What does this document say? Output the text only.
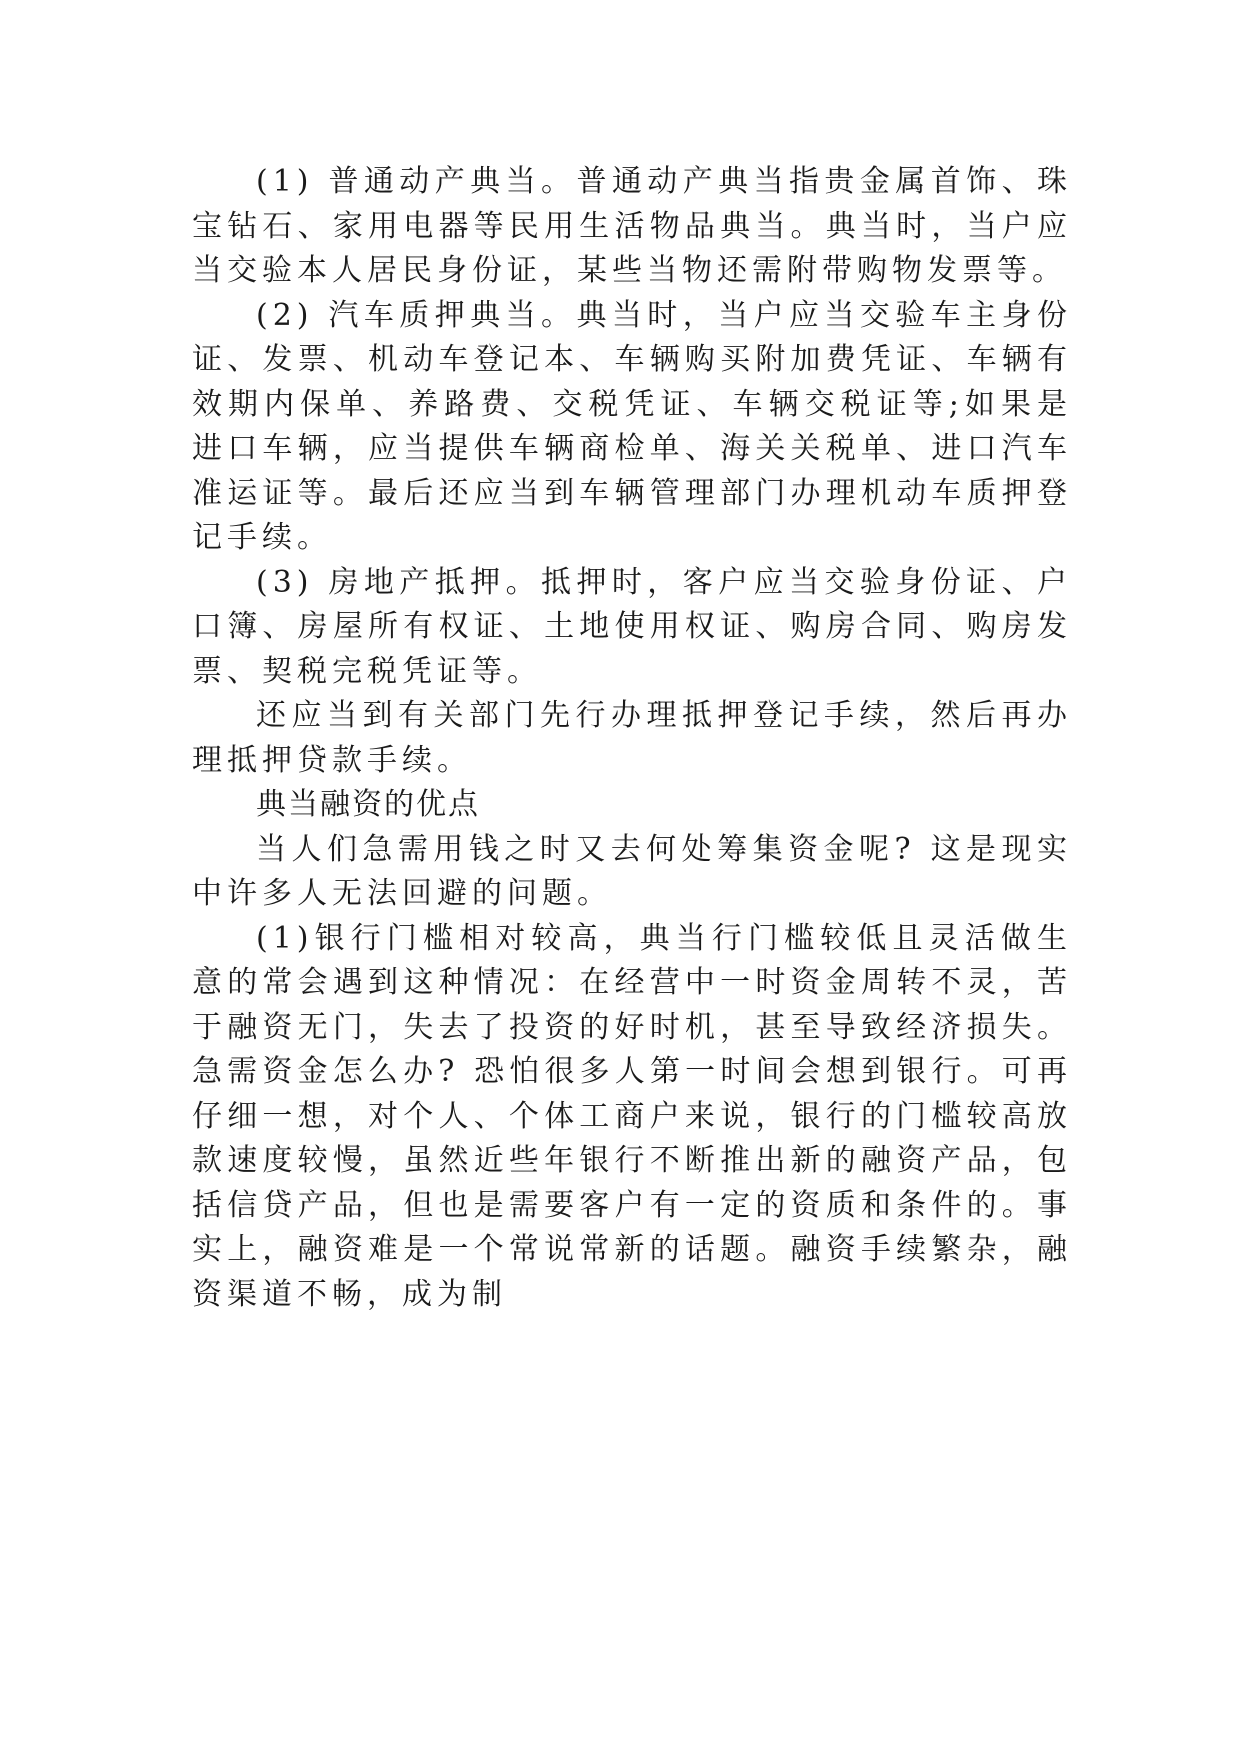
(1) 普通动产典当。普通动产典当指贵金属首饰、珠宝钻石、家用电器等民用生活物品典当。典当时，当户应当交验本人居民身份证，某些当物还需附带购物发票等。

(2) 汽车质押典当。典当时，当户应当交验车主身份证、发票、机动车登记本、车辆购买附加费凭证、车辆有效期内保单、养路费、交税凭证、车辆交税证等;如果是进口车辆，应当提供车辆商检单、海关关税单、进口汽车准运证等。最后还应当到车辆管理部门办理机动车质押登记手续。

(3) 房地产抵押。抵押时，客户应当交验身份证、户口簿、房屋所有权证、土地使用权证、购房合同、购房发票、契税完税凭证等。

还应当到有关部门先行办理抵押登记手续，然后再办理抵押贷款手续。

典当融资的优点

当人们急需用钱之时又去何处筹集资金呢? 这是现实中许多人无法回避的问题。

(1)银行门槛相对较高，典当行门槛较低且灵活做生意的常会遇到这种情况：在经营中一时资金周转不灵，苦于融资无门，失去了投资的好时机，甚至导致经济损失。急需资金怎么办? 恐怕很多人第一时间会想到银行。可再仔细一想，对个人、个体工商户来说，银行的门槛较高放款速度较慢，虽然近些年银行不断推出新的融资产品，包括信贷产品，但也是需要客户有一定的资质和条件的。事实上，融资难是一个常说常新的话题。融资手续繁杂，融资渠道不畅，成为制
